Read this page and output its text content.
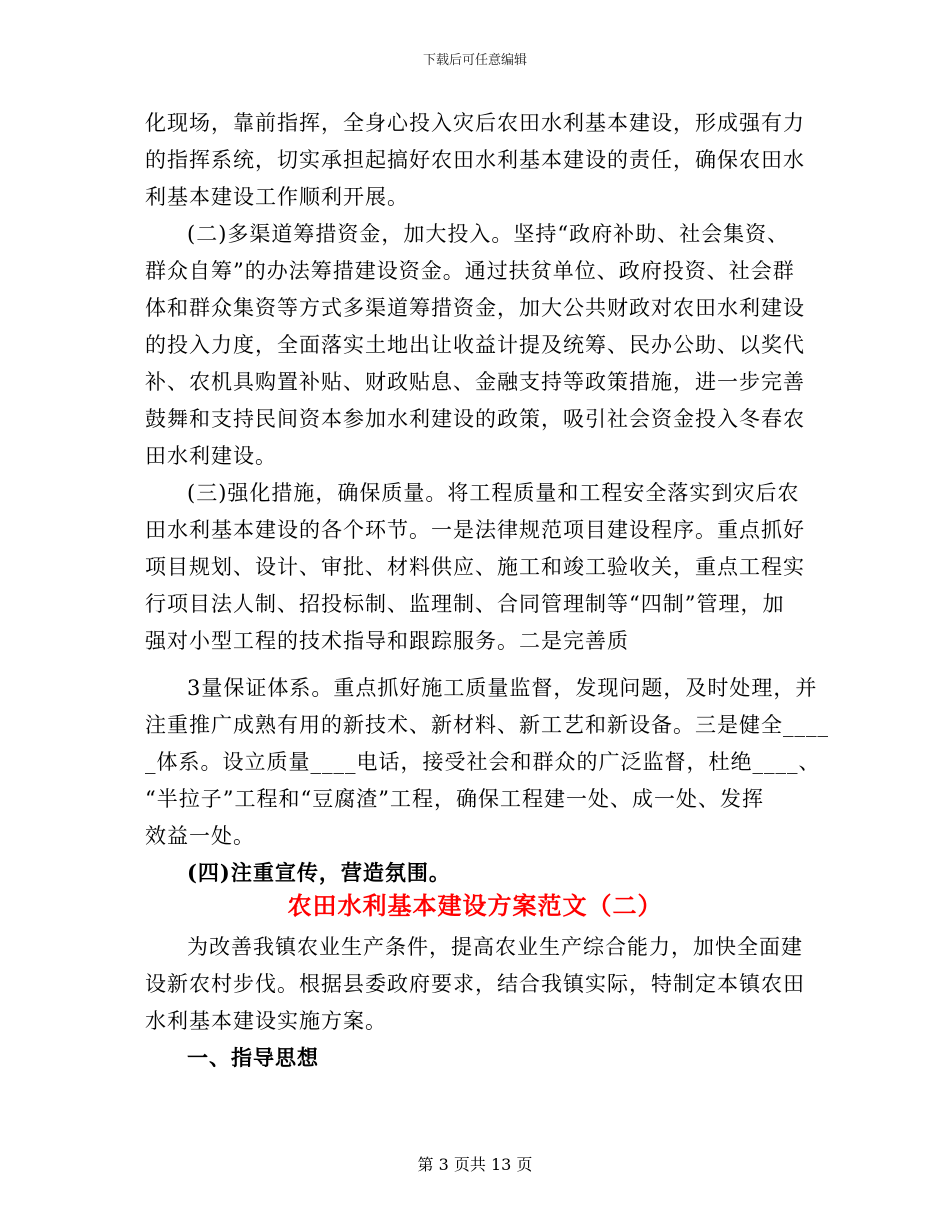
下载后可任意编辑
化现场，靠前指挥，全身心投入灾后农田水利基本建设，形成强有力
的指挥系统，切实承担起搞好农田水利基本建设的责任，确保农田水
利基本建设工作顺利开展。
(二)多渠道筹措资金，加大投入。坚持“政府补助、社会集资、
群众自筹”的办法筹措建设资金。通过扶贫单位、政府投资、社会群
体和群众集资等方式多渠道筹措资金，加大公共财政对农田水利建设
的投入力度，全面落实土地出让收益计提及统筹、民办公助、以奖代
补、农机具购置补贴、财政贴息、金融支持等政策措施，进一步完善
鼓舞和支持民间资本参加水利建设的政策，吸引社会资金投入冬春农
田水利建设。
(三)强化措施，确保质量。将工程质量和工程安全落实到灾后农
田水利基本建设的各个环节。一是法律规范项目建设程序。重点抓好
项目规划、设计、审批、材料供应、施工和竣工验收关，重点工程实
行项目法人制、招投标制、监理制、合同管理制等“四制”管理，加
强对小型工程的技术指导和跟踪服务。二是完善质
3量保证体系。重点抓好施工质量监督，发现问题，及时处理，并
注重推广成熟有用的新技术、新材料、新工艺和新设备。三是健全____
_体系。设立质量____电话，接受社会和群众的广泛监督，杜绝____、
“半拉子”工程和“豆腐渣”工程，确保工程建一处、成一处、发挥
效益一处。
(四)注重宣传，营造氛围。
农田水利基本建设方案范文（二）
为改善我镇农业生产条件，提高农业生产综合能力，加快全面建
设新农村步伐。根据县委政府要求，结合我镇实际，特制定本镇农田
水利基本建设实施方案。
一、指导思想
第 3 页共 13 页
